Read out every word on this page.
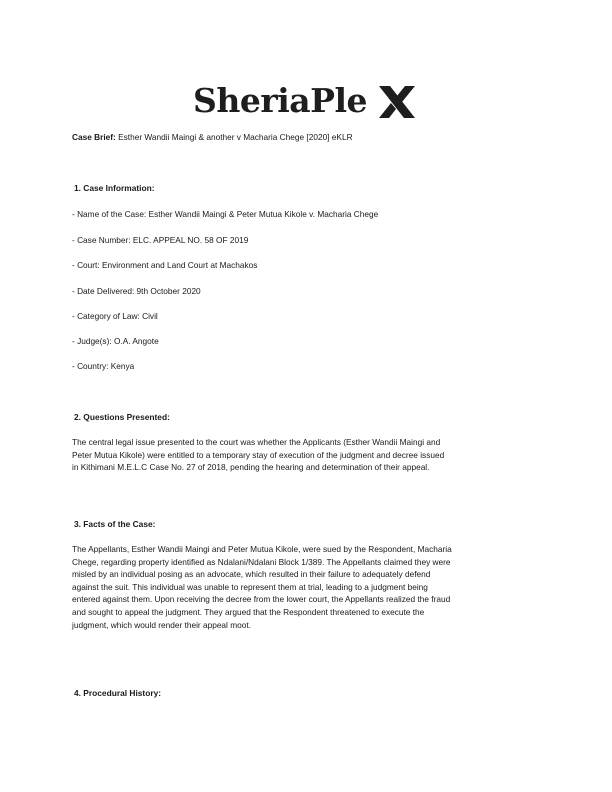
SheriaPle
Case Brief: Esther Wandii Maingi & another v Macharia Chege [2020] eKLR
1. Case Information:
- Name of the Case: Esther Wandii Maingi & Peter Mutua Kikole v. Macharia Chege
- Case Number: ELC. APPEAL NO. 58 OF 2019
- Court: Environment and Land Court at Machakos
- Date Delivered: 9th October 2020
- Category of Law: Civil
- Judge(s): O.A. Angote
- Country: Kenya
2. Questions Presented:
The central legal issue presented to the court was whether the Applicants (Esther Wandii Maingi and
Peter Mutua Kikole) were entitled to a temporary stay of execution of the judgment and decree issued
in Kithimani M.E.L.C Case No. 27 of 2018, pending the hearing and determination of their appeal.
3. Facts of the Case:
The Appellants, Esther Wandii Maingi and Peter Mutua Kikole, were sued by the Respondent, Macharia
Chege, regarding property identified as Ndalani/Ndalani Block 1/389. The Appellants claimed they were
misled by an individual posing as an advocate, which resulted in their failure to adequately defend
against the suit. This individual was unable to represent them at trial, leading to a judgment being
entered against them. Upon receiving the decree from the lower court, the Appellants realized the fraud
and sought to appeal the judgment. They argued that the Respondent threatened to execute the
judgment, which would render their appeal moot.
4. Procedural History:
